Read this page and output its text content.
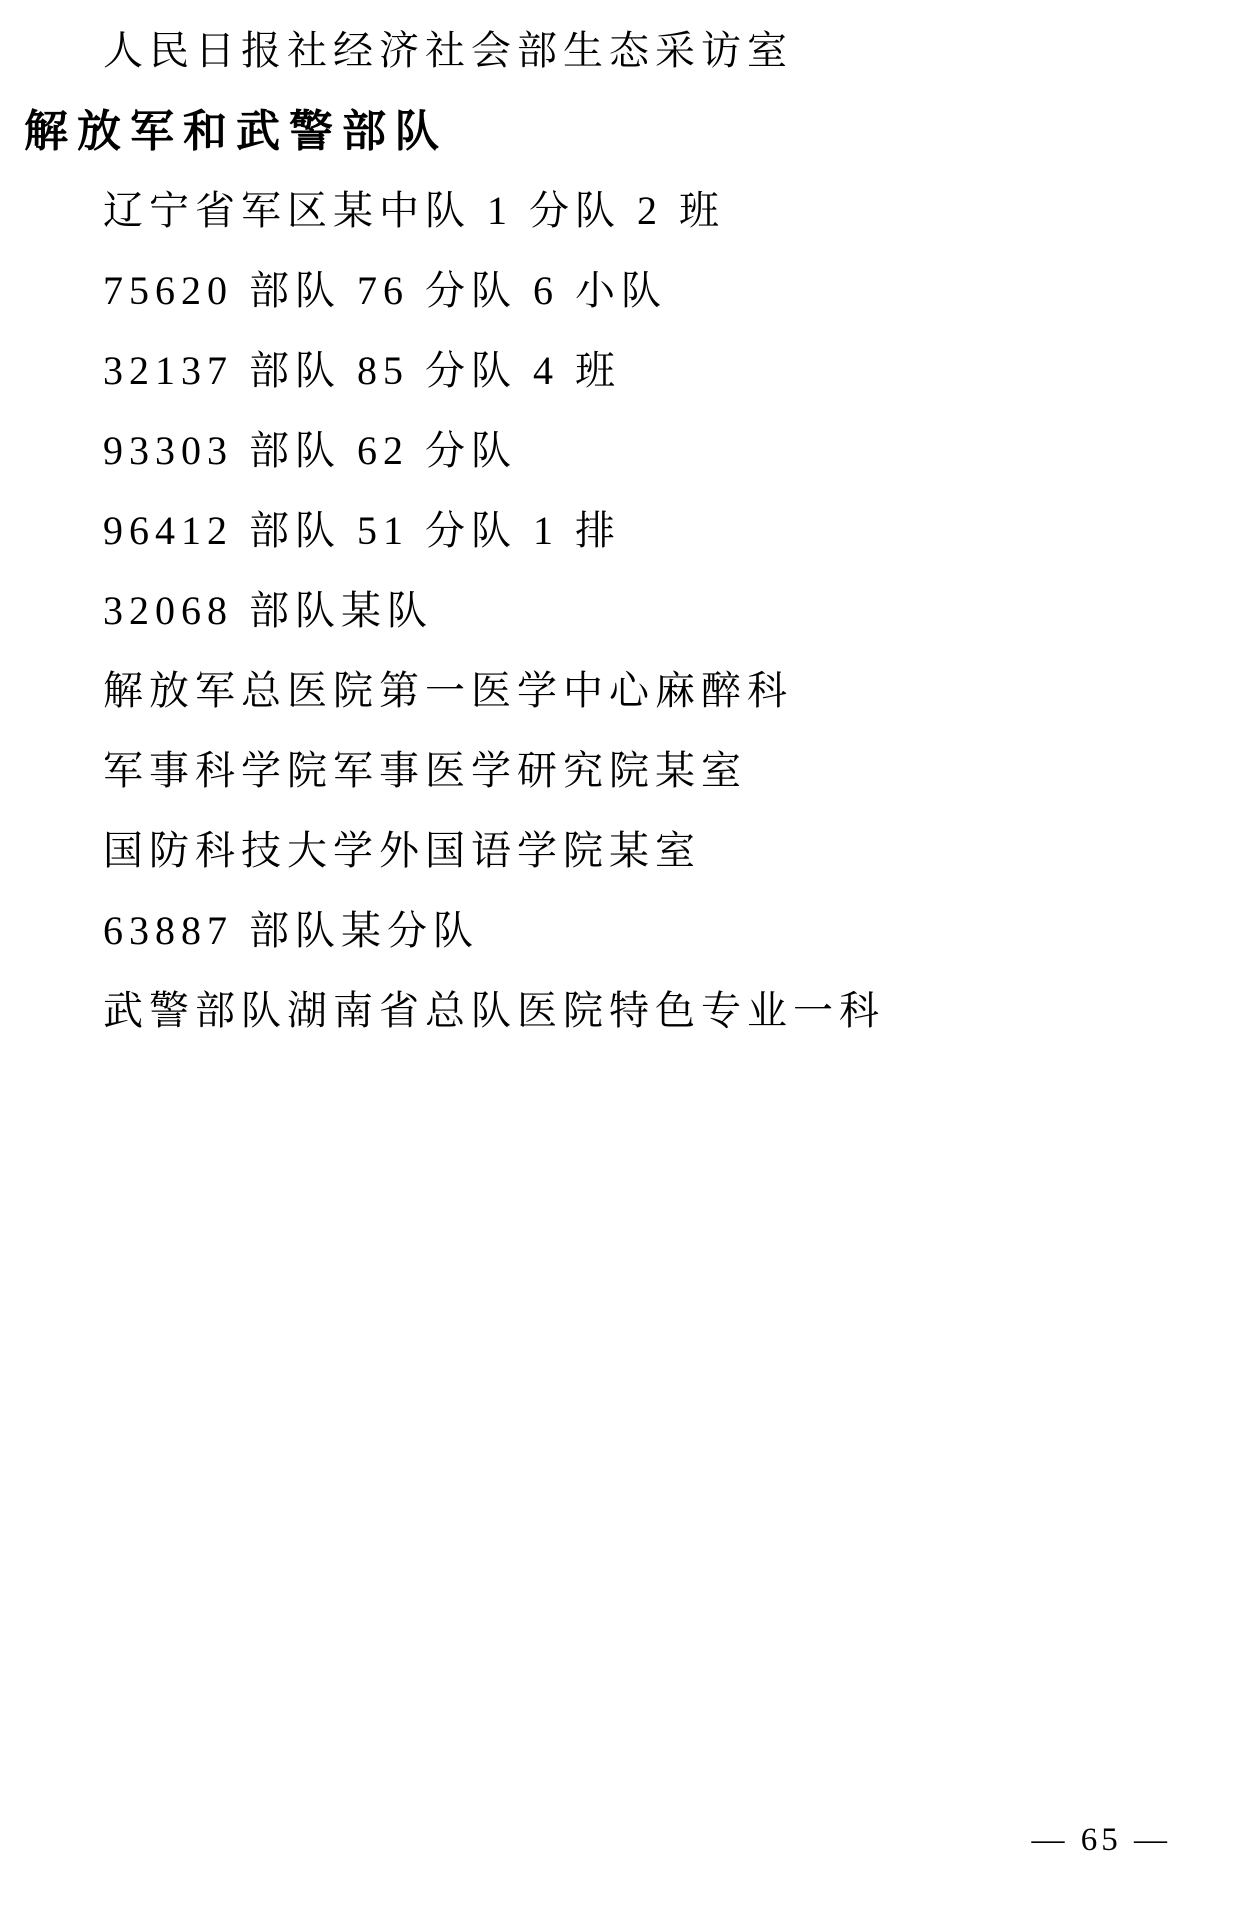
人民日报社经济社会部生态采访室
解放军和武警部队
辽宁省军区某中队 1 分队 2 班
75620 部队 76 分队 6 小队
32137 部队 85 分队 4 班
93303 部队 62 分队
96412 部队 51 分队 1 排
32068 部队某队
解放军总医院第一医学中心麻醉科
军事科学院军事医学研究院某室
国防科技大学外国语学院某室
63887 部队某分队
武警部队湖南省总队医院特色专业一科
— 65 —
